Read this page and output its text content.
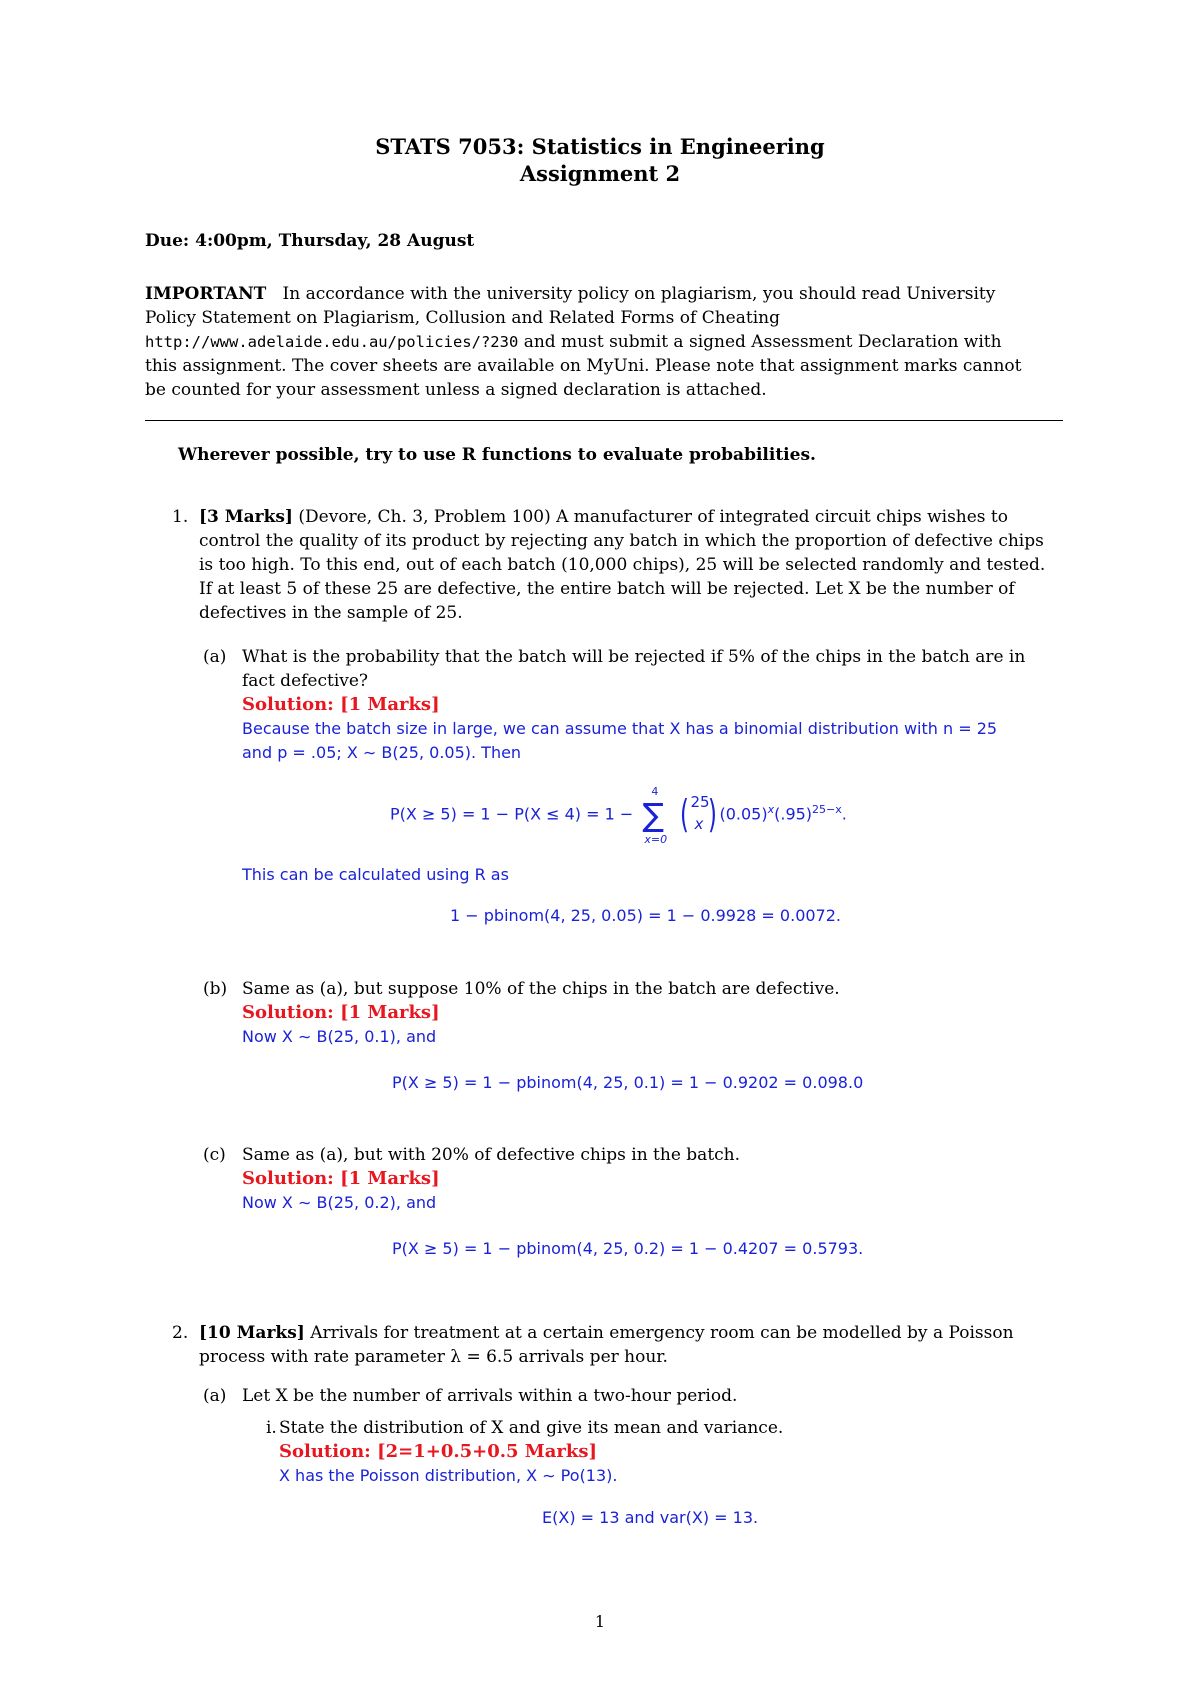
STATS 7053: Statistics in Engineering
Assignment 2
Due: 4:00pm, Thursday, 28 August
IMPORTANT In accordance with the university policy on plagiarism, you should read University
Policy Statement on Plagiarism, Collusion and Related Forms of Cheating
http://www.adelaide.edu.au/policies/?230 and must submit a signed Assessment Declaration with
this assignment. The cover sheets are available on MyUni. Please note that assignment marks cannot
be counted for your assessment unless a signed declaration is attached.
Wherever possible, try to use R functions to evaluate probabilities.
1. [3 Marks] (Devore, Ch. 3, Problem 100) A manufacturer of integrated circuit chips wishes to
control the quality of its product by rejecting any batch in which the proportion of defective chips
is too high. To this end, out of each batch (10,000 chips), 25 will be selected randomly and tested.
If at least 5 of these 25 are defective, the entire batch will be rejected. Let X be the number of
defectives in the sample of 25.
(a) What is the probability that the batch will be rejected if 5% of the chips in the batch are in
fact defective?
Solution: [1 Marks]
Because the batch size in large, we can assume that X has a binomial distribution with n = 25
and p = .05; X ∼ B(25, 0.05). Then
P(X ≥ 5) = 1 − P(X ≤ 4) = 1 −
4
∑
x=0

( 25
x ) $(0.05)^x(.95)^{25-x}$.
This can be calculated using R as
1 − pbinom(4, 25, 0.05) = 1 − 0.9928 = 0.0072.
(b) Same as (a), but suppose 10% of the chips in the batch are defective.
Solution: [1 Marks]
Now X ∼ B(25, 0.1), and
P(X ≥ 5) = 1 − pbinom(4, 25, 0.1) = 1 − 0.9202 = 0.098.0
(c) Same as (a), but with 20% of defective chips in the batch.
Solution: [1 Marks]
Now X ∼ B(25, 0.2), and
P(X ≥ 5) = 1 − pbinom(4, 25, 0.2) = 1 − 0.4207 = 0.5793.
2. [10 Marks] Arrivals for treatment at a certain emergency room can be modelled by a Poisson
process with rate parameter λ = 6.5 arrivals per hour.
(a) Let X be the number of arrivals within a two-hour period.
i. State the distribution of X and give its mean and variance.
Solution: [2=1+0.5+0.5 Marks]
X has the Poisson distribution, X ∼ Po(13).
E(X) = 13 and var(X) = 13.
1
